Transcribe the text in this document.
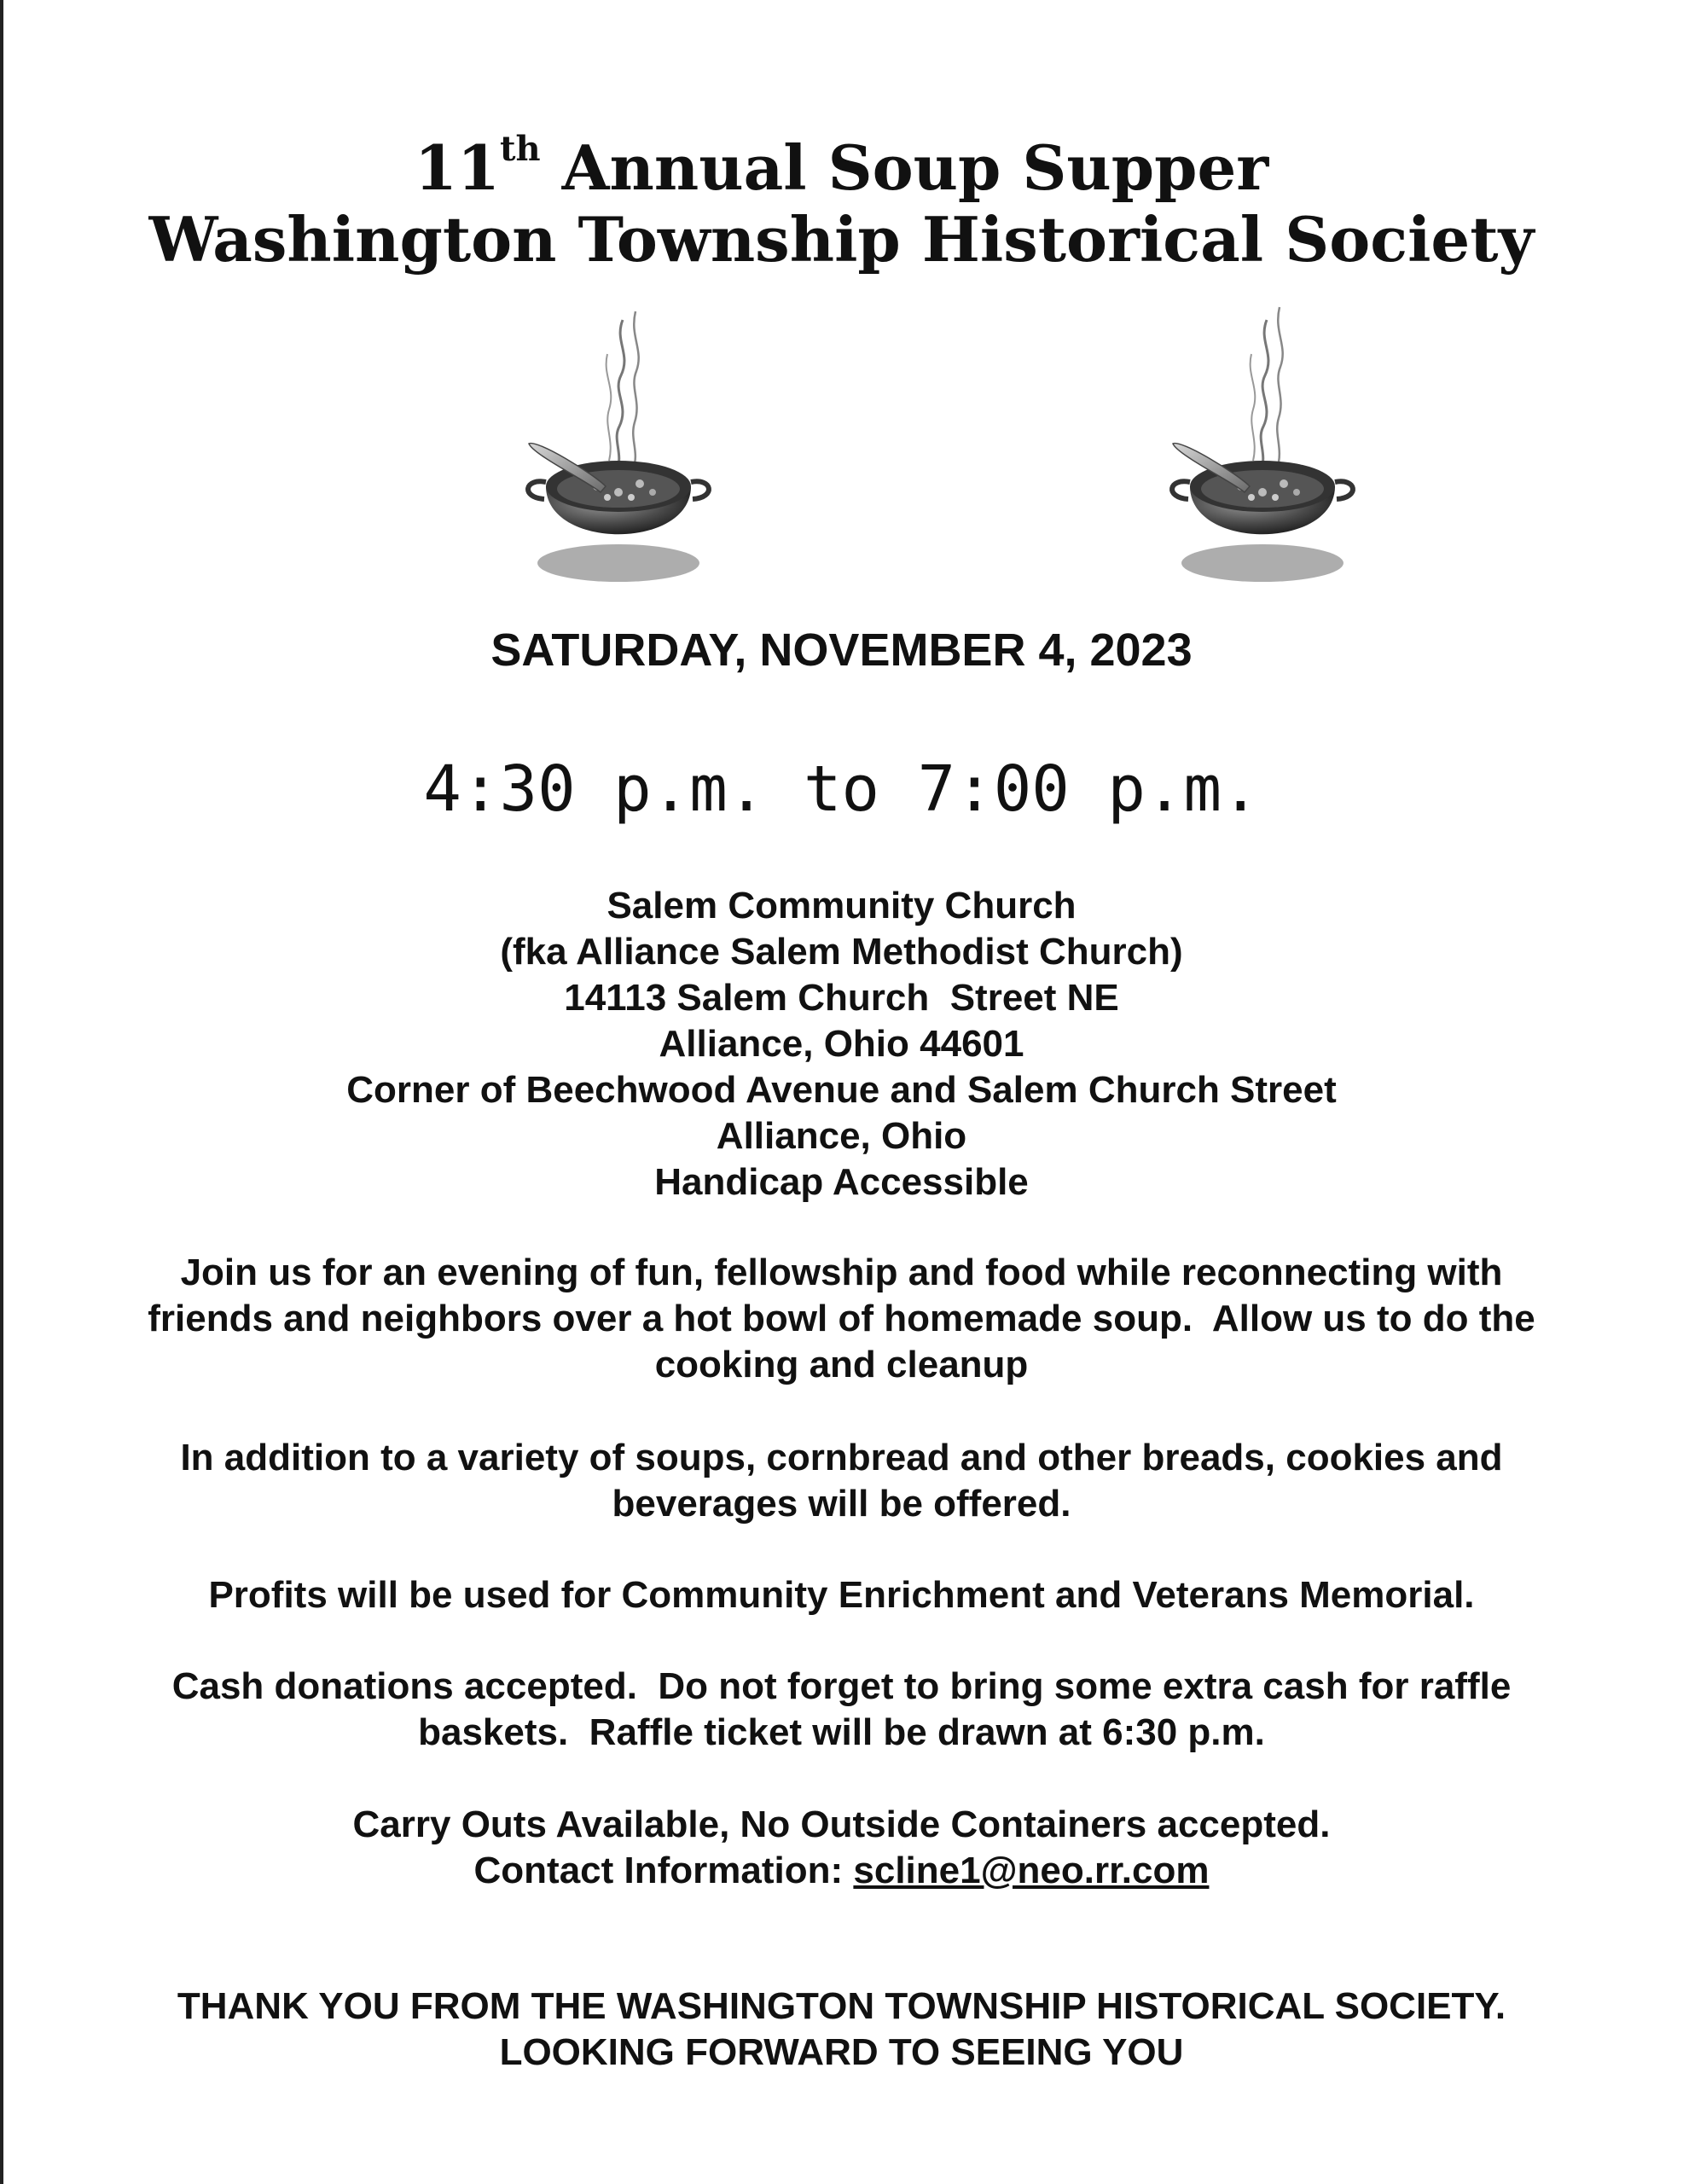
11th Annual Soup Supper
Washington Township Historical Society
SATURDAY, NOVEMBER 4, 2023
4:30 p.m. to 7:00 p.m.
Salem Community Church
(fka Alliance Salem Methodist Church)
14113 Salem Church  Street NE
Alliance, Ohio 44601
Corner of Beechwood Avenue and Salem Church Street
Alliance, Ohio
Handicap Accessible
Join us for an evening of fun, fellowship and food while reconnecting with
friends and neighbors over a hot bowl of homemade soup.  Allow us to do the
cooking and cleanup
In addition to a variety of soups, cornbread and other breads, cookies and
beverages will be offered.
Profits will be used for Community Enrichment and Veterans Memorial.
Cash donations accepted.  Do not forget to bring some extra cash for raffle
baskets.  Raffle ticket will be drawn at 6:30 p.m.
Carry Outs Available, No Outside Containers accepted.
Contact Information: scline1@neo.rr.com
THANK YOU FROM THE WASHINGTON TOWNSHIP HISTORICAL SOCIETY.
LOOKING FORWARD TO SEEING YOU
